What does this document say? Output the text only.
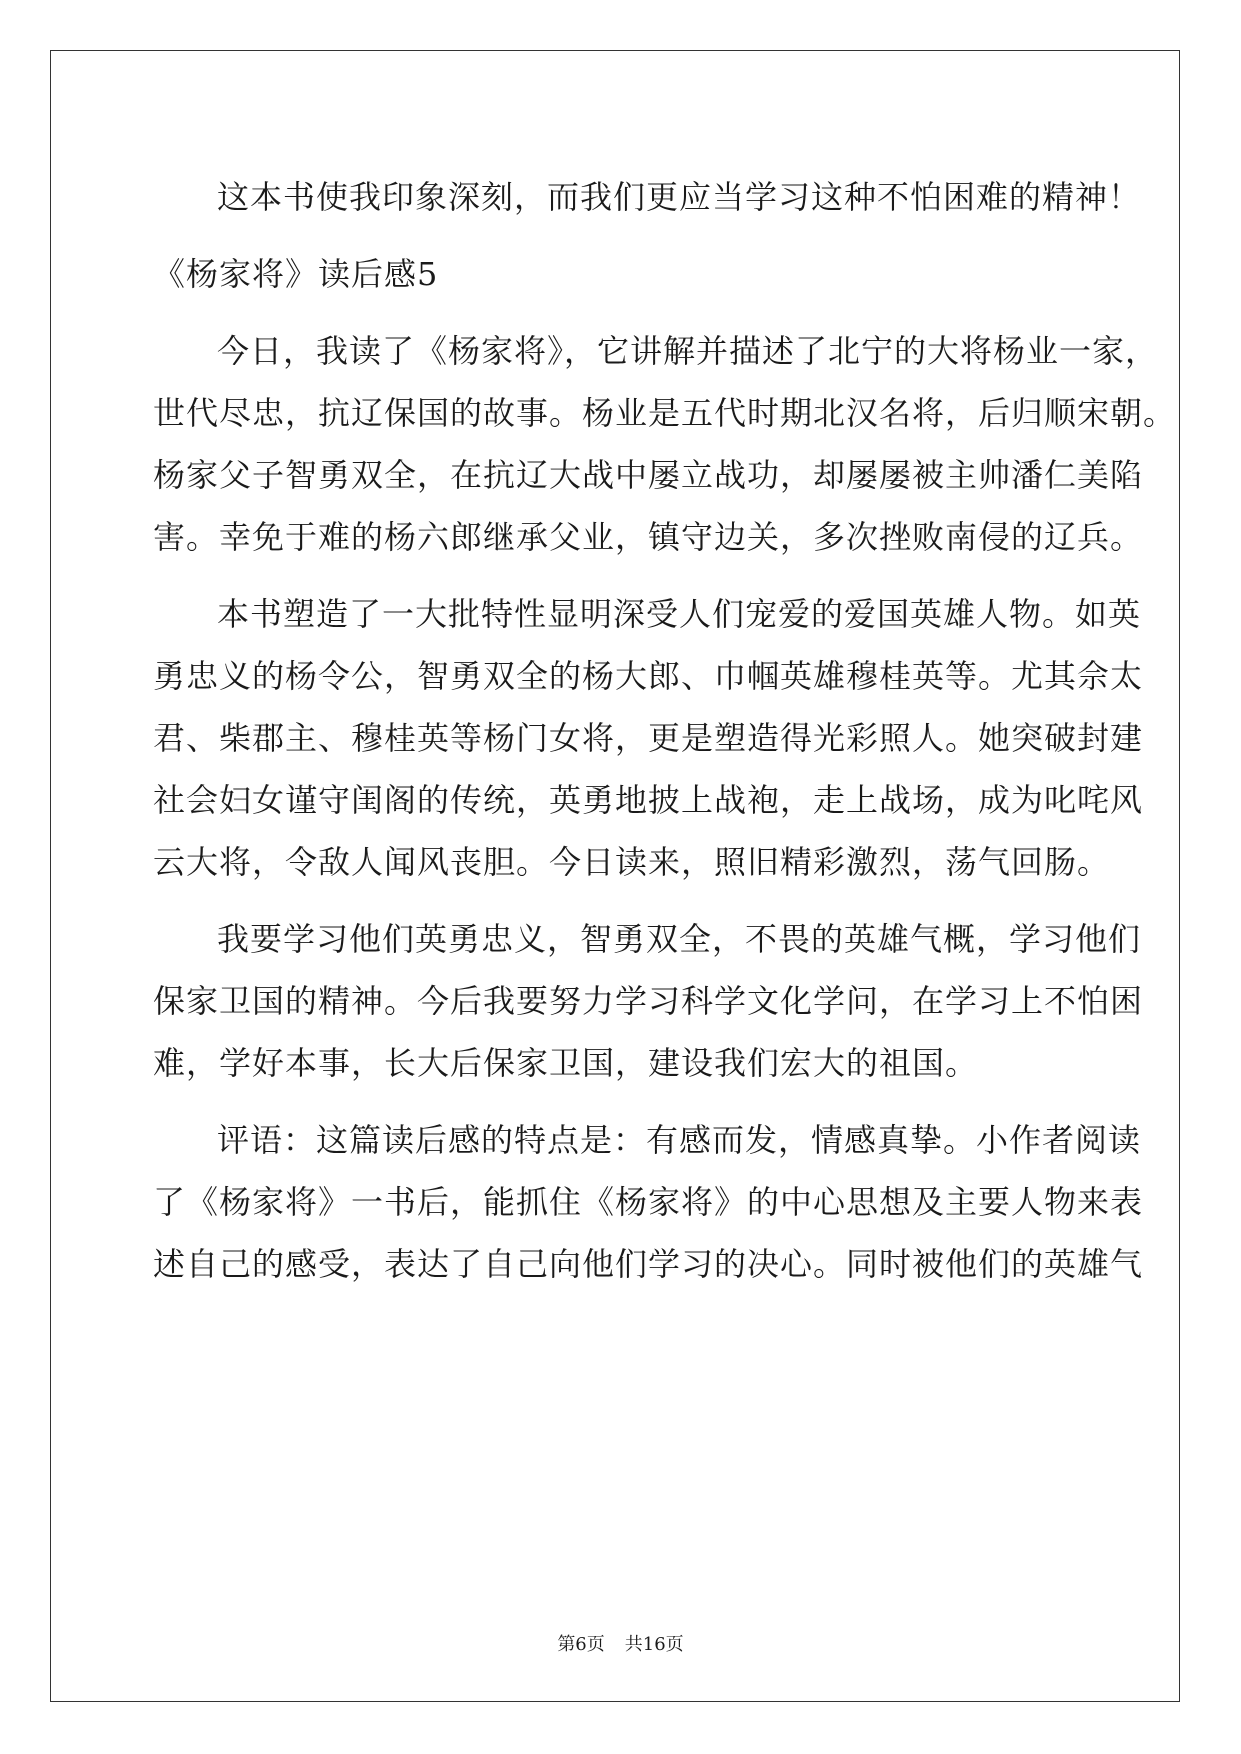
这本书使我印象深刻，而我们更应当学习这种不怕困难的精神！
《杨家将》读后感5
今日，我读了《杨家将》，它讲解并描述了北宁的大将杨业一家，
世代尽忠，抗辽保国的故事。杨业是五代时期北汉名将，后归顺宋朝。
杨家父子智勇双全，在抗辽大战中屡立战功，却屡屡被主帅潘仁美陷
害。幸免于难的杨六郎继承父业，镇守边关，多次挫败南侵的辽兵。
本书塑造了一大批特性显明深受人们宠爱的爱国英雄人物。如英
勇忠义的杨令公，智勇双全的杨大郎、巾帼英雄穆桂英等。尤其佘太
君、柴郡主、穆桂英等杨门女将，更是塑造得光彩照人。她突破封建
社会妇女谨守闺阁的传统，英勇地披上战袍，走上战场，成为叱咤风
云大将，令敌人闻风丧胆。今日读来，照旧精彩激烈，荡气回肠。
我要学习他们英勇忠义，智勇双全，不畏的英雄气概，学习他们
保家卫国的精神。今后我要努力学习科学文化学问，在学习上不怕困
难，学好本事，长大后保家卫国，建设我们宏大的祖国。
评语：这篇读后感的特点是：有感而发，情感真挚。小作者阅读
了《杨家将》一书后，能抓住《杨家将》的中心思想及主要人物来表
述自己的感受，表达了自己向他们学习的决心。同时被他们的英雄气
第6页 共16页
